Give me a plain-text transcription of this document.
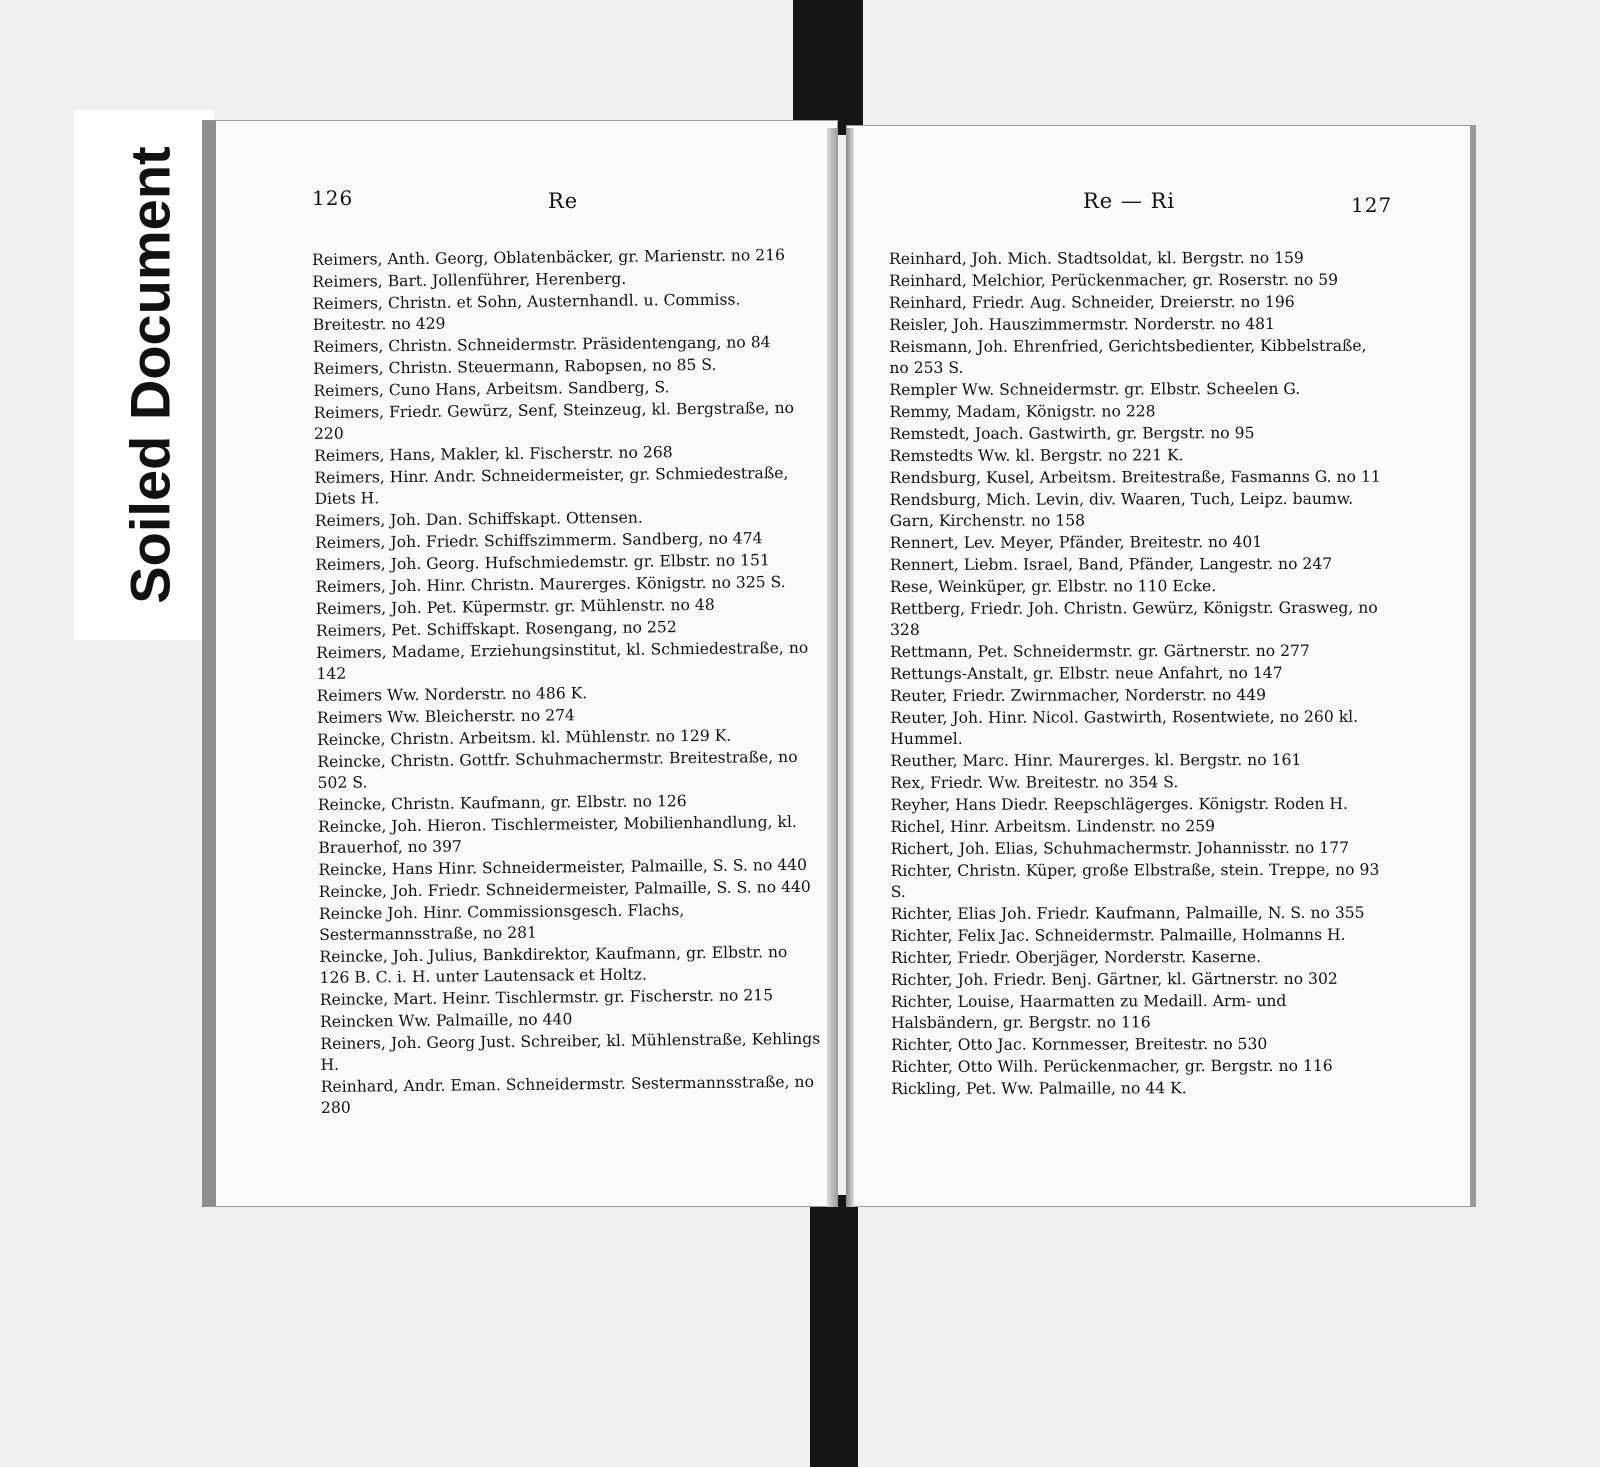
Soiled Document	126	Re	Re — Ri	127
Reimers, Anth. Georg, Oblatenbäcker, gr. Marienstr. no 216
Reimers, Bart. Jollenführer, Herenberg.
Reimers, Christn. et Sohn, Austernhandl. u. Commiss. Breitestr. no 429
Reimers, Christn. Schneidermstr. Präsidentengang, no 84
Reimers, Christn. Steuermann, Rabopsen, no 85 S.
Reimers, Cuno Hans, Arbeitsm. Sandberg, S.
Reimers, Friedr. Gewürz, Senf, Steinzeug, kl. Bergstraße, no 220
Reimers, Hans, Makler, kl. Fischerstr. no 268
Reimers, Hinr. Andr. Schneidermeister, gr. Schmiedestraße, Diets H.
Reimers, Joh. Dan. Schiffskapt. Ottensen.
Reimers, Joh. Friedr. Schiffszimmerm. Sandberg, no 474
Reimers, Joh. Georg. Hufschmiedemstr. gr. Elbstr. no 151
Reimers, Joh. Hinr. Christn. Maurerges. Königstr. no 325 S.
Reimers, Joh. Pet. Küpermstr. gr. Mühlenstr. no 48
Reimers, Pet. Schiffskapt. Rosengang, no 252
Reimers, Madame, Erziehungsinstitut, kl. Schmiedestraße, no 142
Reimers Ww. Norderstr. no 486 K.
Reimers Ww. Bleicherstr. no 274
Reincke, Christn. Arbeitsm. kl. Mühlenstr. no 129 K.
Reincke, Christn. Gottfr. Schuhmachermstr. Breitestraße, no 502 S.
Reincke, Christn. Kaufmann, gr. Elbstr. no 126
Reincke, Joh. Hieron. Tischlermeister, Mobilienhandlung, kl. Brauerhof, no 397
Reincke, Hans Hinr. Schneidermeister, Palmaille, S. S. no 440
Reincke, Joh. Friedr. Schneidermeister, Palmaille, S. S. no 440
Reincke Joh. Hinr. Commissionsgesch. Flachs, Sestermannsstraße, no 281
Reincke, Joh. Julius, Bankdirektor, Kaufmann, gr. Elbstr. no 126 B. C. i. H. unter Lautensack et Holtz.
Reincke, Mart. Heinr. Tischlermstr. gr. Fischerstr. no 215
Reincken Ww. Palmaille, no 440
Reiners, Joh. Georg Just. Schreiber, kl. Mühlenstraße, Kehlings H.
Reinhard, Andr. Eman. Schneidermstr. Sestermannsstraße, no 280
Reinhard, Joh. Mich. Stadtsoldat, kl. Bergstr. no 159
Reinhard, Melchior, Perückenmacher, gr. Roserstr. no 59
Reinhard, Friedr. Aug. Schneider, Dreierstr. no 196
Reisler, Joh. Hauszimmermstr. Norderstr. no 481
Reismann, Joh. Ehrenfried, Gerichtsbedienter, Kibbelstraße, no 253 S.
Rempler Ww. Schneidermstr. gr. Elbstr. Scheelen G.
Remmy, Madam, Königstr. no 228
Remstedt, Joach. Gastwirth, gr. Bergstr. no 95
Remstedts Ww. kl. Bergstr. no 221 K.
Rendsburg, Kusel, Arbeitsm. Breitestraße, Fasmanns G. no 11
Rendsburg, Mich. Levin, div. Waaren, Tuch, Leipz. baumw. Garn, Kirchenstr. no 158
Rennert, Lev. Meyer, Pfänder, Breitestr. no 401
Rennert, Liebm. Israel, Band, Pfänder, Langestr. no 247
Rese, Weinküper, gr. Elbstr. no 110 Ecke.
Rettberg, Friedr. Joh. Christn. Gewürz, Königstr. Grasweg, no 328
Rettmann, Pet. Schneidermstr. gr. Gärtnerstr. no 277
Rettungs-Anstalt, gr. Elbstr. neue Anfahrt, no 147
Reuter, Friedr. Zwirnmacher, Norderstr. no 449
Reuter, Joh. Hinr. Nicol. Gastwirth, Rosentwiete, no 260 kl. Hummel.
Reuther, Marc. Hinr. Maurerges. kl. Bergstr. no 161
Rex, Friedr. Ww. Breitestr. no 354 S.
Reyher, Hans Diedr. Reepschlägerges. Königstr. Roden H.
Richel, Hinr. Arbeitsm. Lindenstr. no 259
Richert, Joh. Elias, Schuhmachermstr. Johannisstr. no 177
Richter, Christn. Küper, große Elbstraße, stein. Treppe, no 93 S.
Richter, Elias Joh. Friedr. Kaufmann, Palmaille, N. S. no 355
Richter, Felix Jac. Schneidermstr. Palmaille, Holmanns H.
Richter, Friedr. Oberjäger, Norderstr. Kaserne.
Richter, Joh. Friedr. Benj. Gärtner, kl. Gärtnerstr. no 302
Richter, Louise, Haarmatten zu Medaill. Arm- und Halsbändern, gr. Bergstr. no 116
Richter, Otto Jac. Kornmesser, Breitestr. no 530
Richter, Otto Wilh. Perückenmacher, gr. Bergstr. no 116
Rickling, Pet. Ww. Palmaille, no 44 K.
